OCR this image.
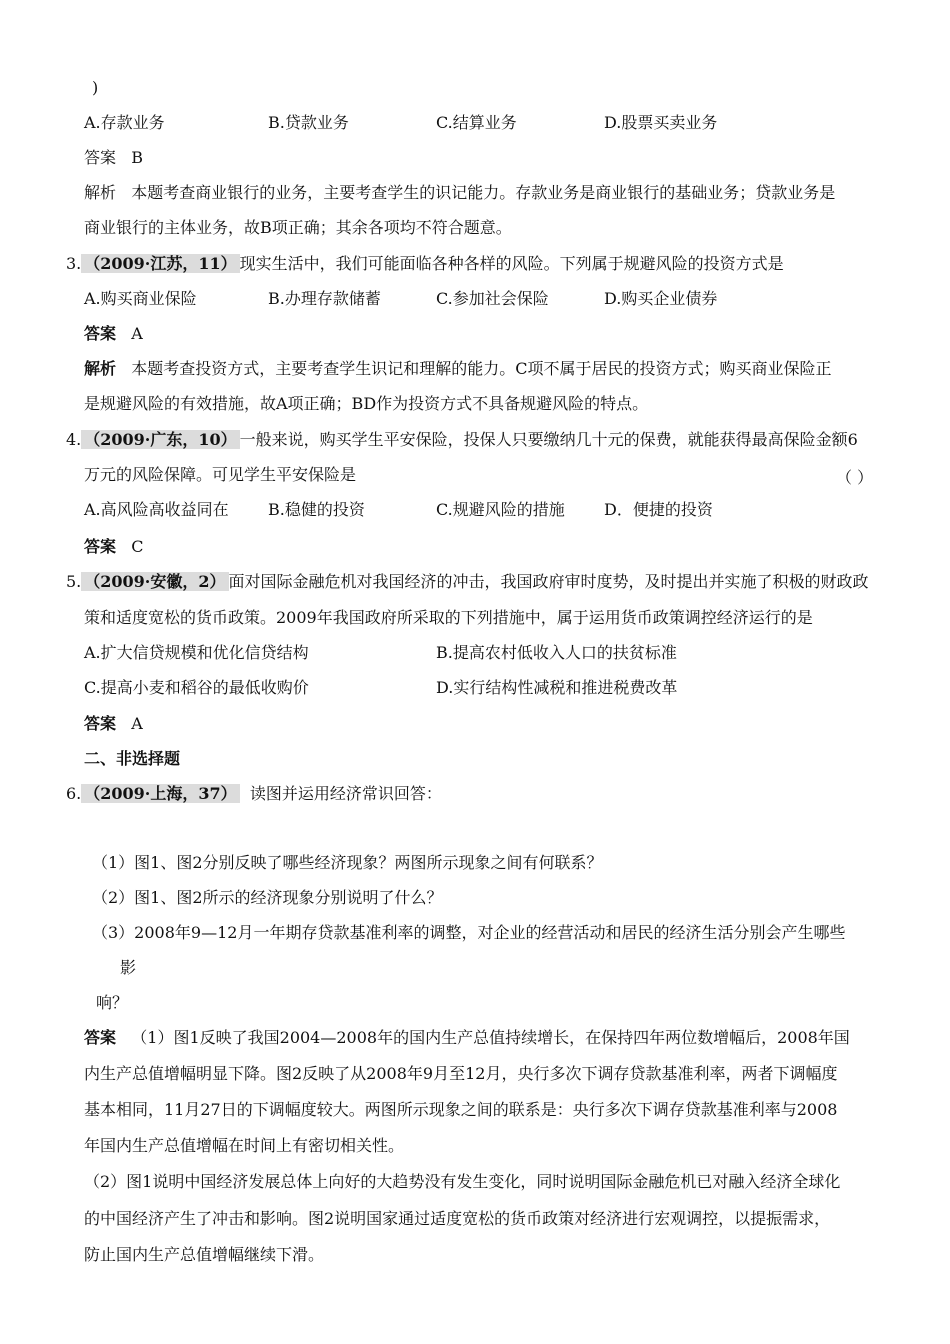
)
A.存款业务	B.贷款业务	C.结算业务	D.股票买卖业务
答案 B
解析 本题考查商业银行的业务，主要考查学生的识记能力。存款业务是商业银行的基础业务；贷款业务是
商业银行的主体业务，故B项正确；其余各项均不符合题意。
3. （2009·江苏，11） 现实生活中，我们可能面临各种各样的风险。下列属于规避风险的投资方式是
A.购买商业保险	B.办理存款储蓄	C.参加社会保险	D.购买企业债券
答案 A
解析 本题考查投资方式，主要考查学生识记和理解的能力。C项不属于居民的投资方式；购买商业保险正
是规避风险的有效措施，故A项正确；BD作为投资方式不具备规避风险的特点。
4. （2009·广东，10） 一般来说，购买学生平安保险，投保人只要缴纳几十元的保费，就能获得最高保险金额6
万元的风险保障。可见学生平安保险是	（ ）
A.高风险高收益同在 B.稳健的投资	C.规避风险的措施 D．便捷的投资
答案 C
5. （2009·安徽，2） 面对国际金融危机对我国经济的冲击，我国政府审时度势，及时提出并实施了积极的财政政
策和适度宽松的货币政策。2009年我国政府所采取的下列措施中，属于运用货币政策调控经济运行的是
A.扩大信贷规模和优化信贷结构	B.提高农村低收入人口的扶贫标准
C.提高小麦和稻谷的最低收购价	D.实行结构性减税和推进税费改革
答案 A
二、非选择题
6. （2009·上海，37） 读图并运用经济常识回答：
（1）图1、图2分别反映了哪些经济现象？两图所示现象之间有何联系？
（2）图1、图2所示的经济现象分别说明了什么？
（3）2008年9—12月一年期存贷款基准利率的调整，对企业的经营活动和居民的经济生活分别会产生哪些
影
响？
答案 （1）图1反映了我国2004—2008年的国内生产总值持续增长，在保持四年两位数增幅后，2008年国
内生产总值增幅明显下降。图2反映了从2008年9月至12月，央行多次下调存贷款基准利率，两者下调幅度
基本相同，11月27日的下调幅度较大。两图所示现象之间的联系是：央行多次下调存贷款基准利率与2008
年国内生产总值增幅在时间上有密切相关性。
（2）图1说明中国经济发展总体上向好的大趋势没有发生变化，同时说明国际金融危机已对融入经济全球化
的中国经济产生了冲击和影响。图2说明国家通过适度宽松的货币政策对经济进行宏观调控，以提振需求，
防止国内生产总值增幅继续下滑。
